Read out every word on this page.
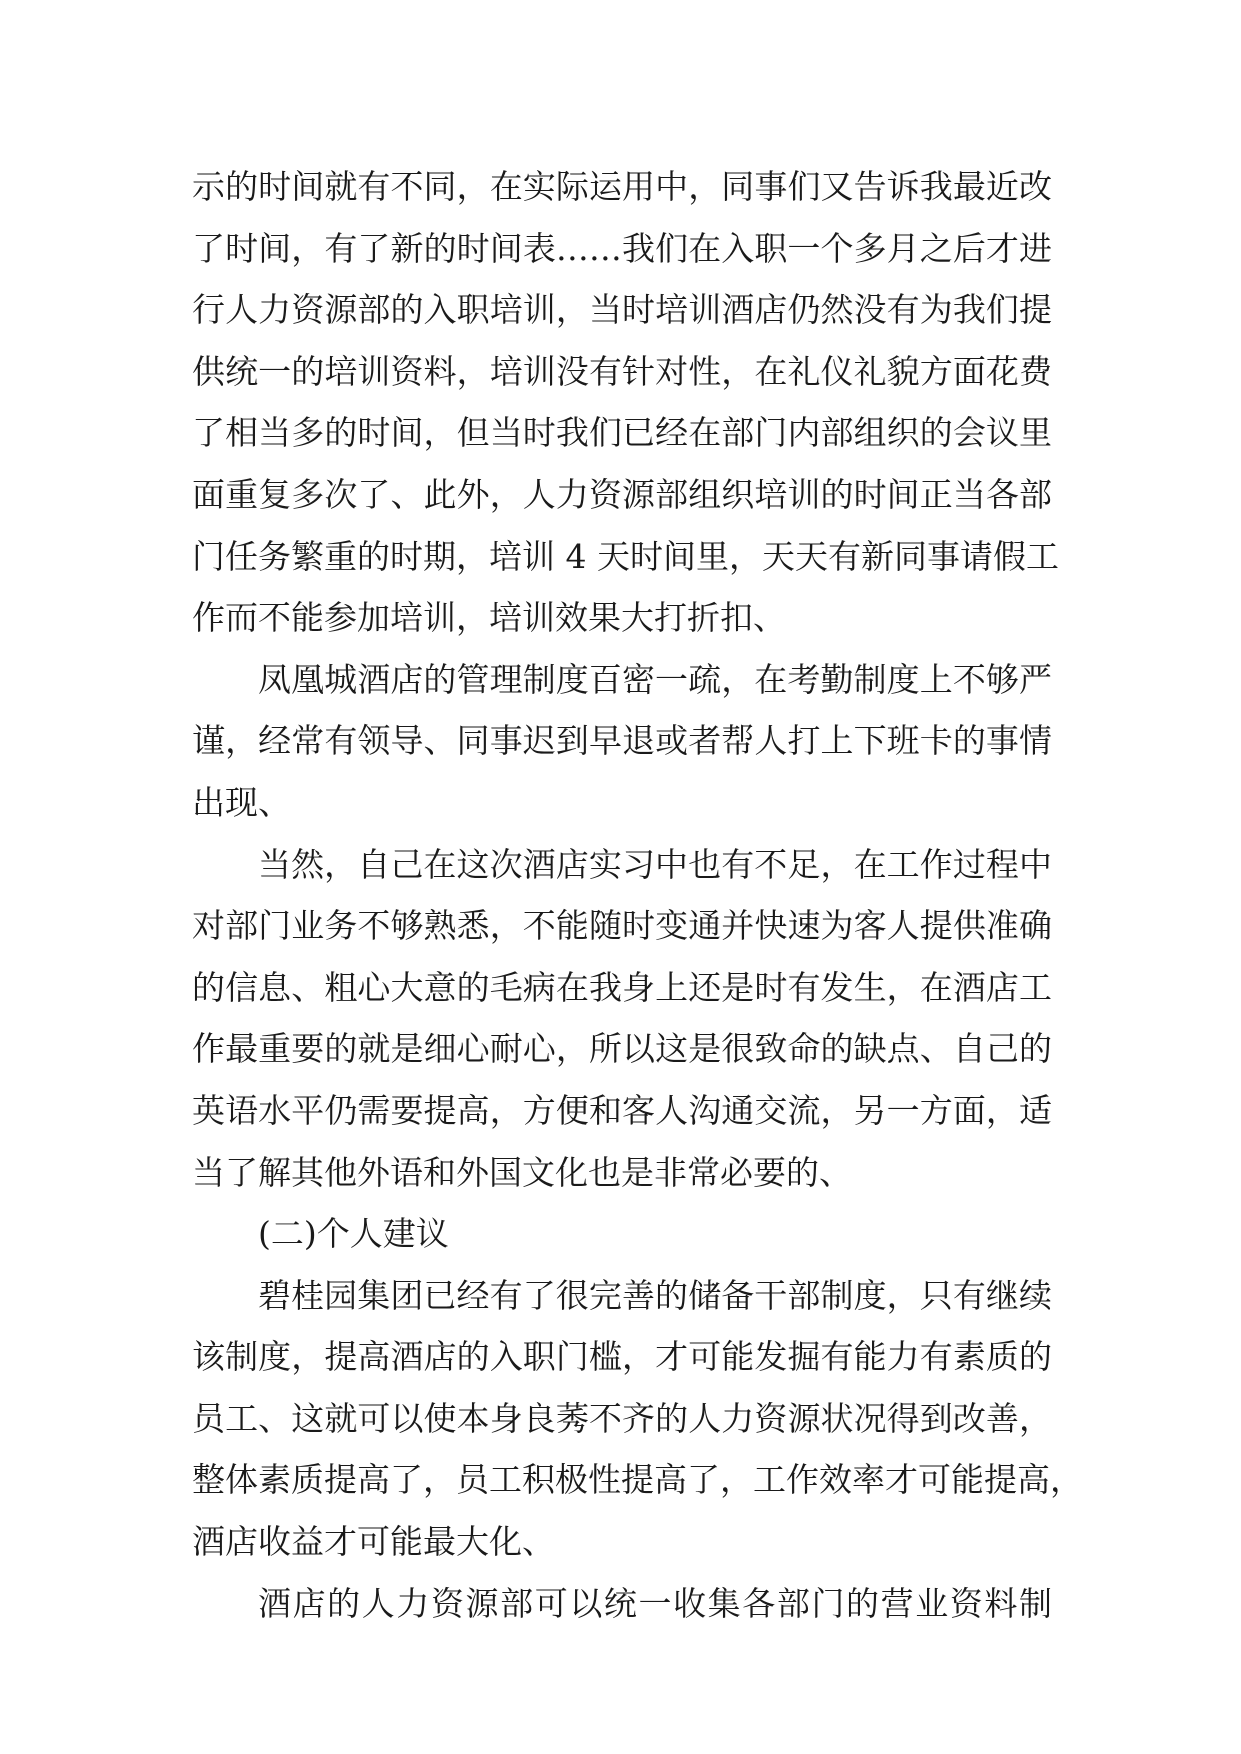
示的时间就有不同，在实际运用中，同事们又告诉我最近改
了时间，有了新的时间表……我们在入职一个多月之后才进
行人力资源部的入职培训，当时培训酒店仍然没有为我们提
供统一的培训资料，培训没有针对性，在礼仪礼貌方面花费
了相当多的时间，但当时我们已经在部门内部组织的会议里
面重复多次了、此外，人力资源部组织培训的时间正当各部
门任务繁重的时期，培训 4 天时间里，天天有新同事请假工
作而不能参加培训，培训效果大打折扣、
凤凰城酒店的管理制度百密一疏，在考勤制度上不够严
谨，经常有领导、同事迟到早退或者帮人打上下班卡的事情
出现、
当然，自己在这次酒店实习中也有不足，在工作过程中
对部门业务不够熟悉，不能随时变通并快速为客人提供准确
的信息、粗心大意的毛病在我身上还是时有发生，在酒店工
作最重要的就是细心耐心，所以这是很致命的缺点、自己的
英语水平仍需要提高，方便和客人沟通交流，另一方面，适
当了解其他外语和外国文化也是非常必要的、
(二)个人建议
碧桂园集团已经有了很完善的储备干部制度，只有继续
该制度，提高酒店的入职门槛，才可能发掘有能力有素质的
员工、这就可以使本身良莠不齐的人力资源状况得到改善，
整体素质提高了，员工积极性提高了，工作效率才可能提高，
酒店收益才可能最大化、
酒店的人力资源部可以统一收集各部门的营业资料制
